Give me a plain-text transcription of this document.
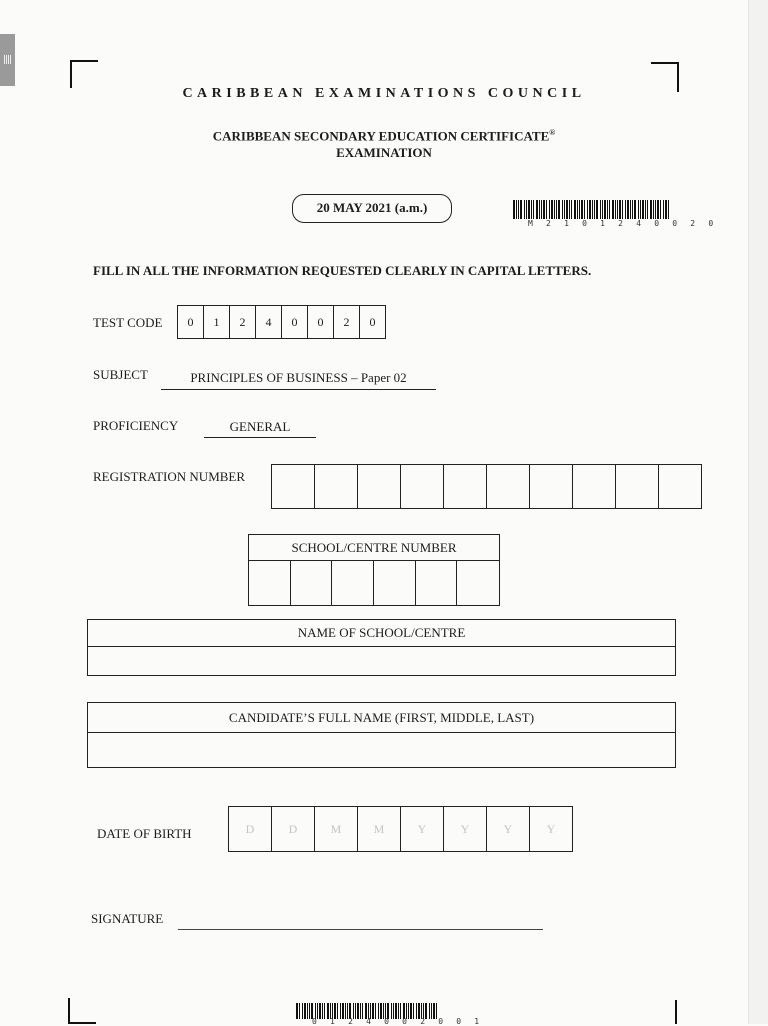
CARIBBEAN EXAMINATIONS COUNCIL
CARIBBEAN SECONDARY EDUCATION CERTIFICATE®
EXAMINATION
20 MAY 2021 (a.m.)
M 2 1 0 1 2 4 0 0 2 0
FILL IN ALL THE INFORMATION REQUESTED CLEARLY IN CAPITAL LETTERS.
TEST CODE	0	1	2	4	0	0	2	0
SUBJECT	PRINCIPLES OF BUSINESS – Paper 02
PROFICIENCY	GENERAL
REGISTRATION NUMBER
SCHOOL/CENTRE NUMBER
NAME OF SCHOOL/CENTRE
CANDIDATE’S FULL NAME (FIRST, MIDDLE, LAST)
DATE OF BIRTH	D	D	M	M	Y	Y	Y	Y
SIGNATURE
0 1 2 4 0 0 2 0 0 1
